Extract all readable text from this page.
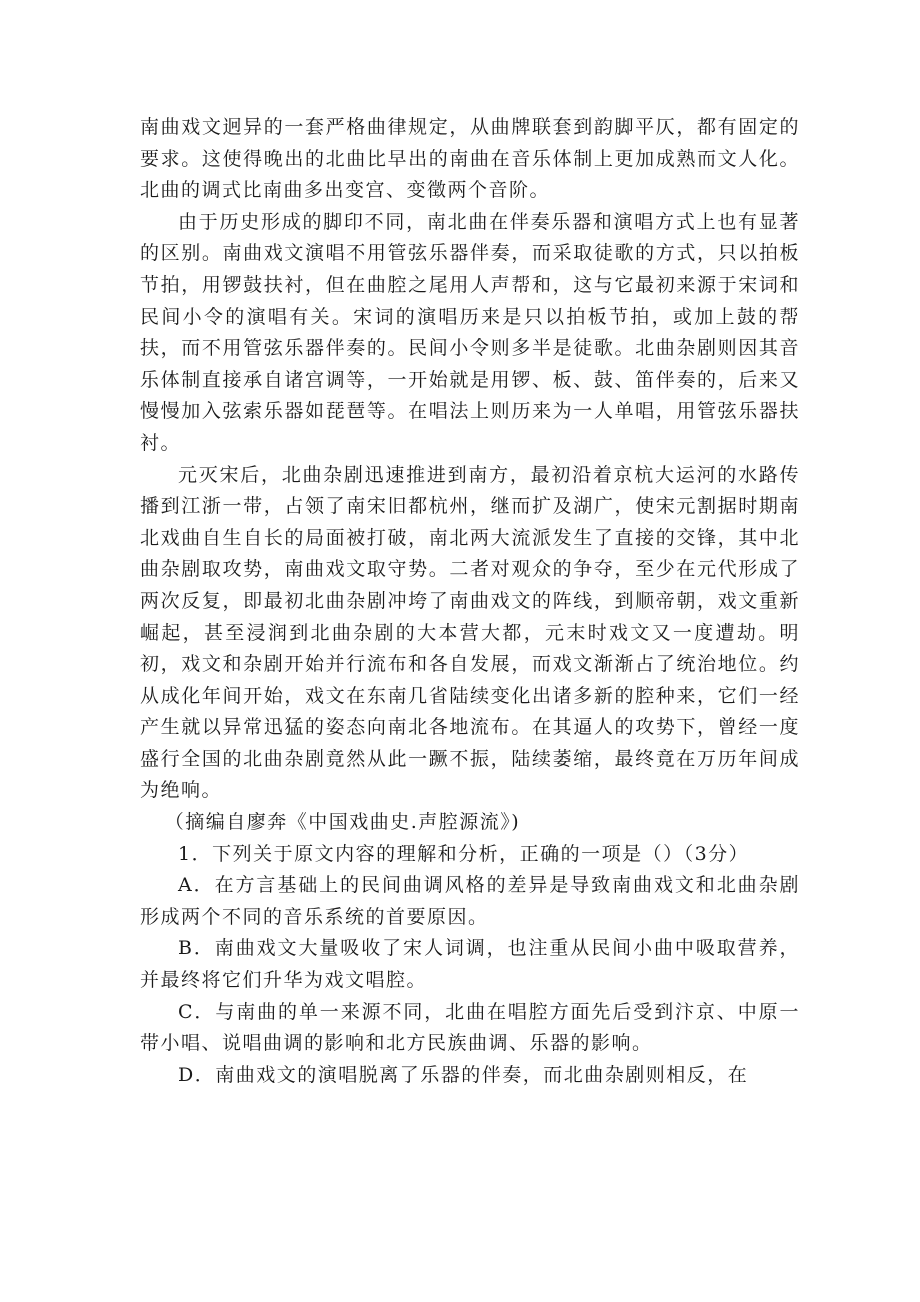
南曲戏文迥异的一套严格曲律规定，从曲牌联套到韵脚平仄，都有固定的要求。这使得晚出的北曲比早出的南曲在音乐体制上更加成熟而文人化。北曲的调式比南曲多出变宫、变徵两个音阶。

由于历史形成的脚印不同，南北曲在伴奏乐器和演唱方式上也有显著的区别。南曲戏文演唱不用管弦乐器伴奏，而采取徒歌的方式，只以拍板节拍，用锣鼓扶衬，但在曲腔之尾用人声帮和，这与它最初来源于宋词和民间小令的演唱有关。宋词的演唱历来是只以拍板节拍，或加上鼓的帮扶，而不用管弦乐器伴奏的。民间小令则多半是徒歌。北曲杂剧则因其音乐体制直接承自诸宫调等，一开始就是用锣、板、鼓、笛伴奏的，后来又慢慢加入弦索乐器如琵琶等。在唱法上则历来为一人单唱，用管弦乐器扶衬。

元灭宋后，北曲杂剧迅速推进到南方，最初沿着京杭大运河的水路传播到江浙一带，占领了南宋旧都杭州，继而扩及湖广，使宋元割据时期南北戏曲自生自长的局面被打破，南北两大流派发生了直接的交锋，其中北曲杂剧取攻势，南曲戏文取守势。二者对观众的争夺，至少在元代形成了两次反复，即最初北曲杂剧冲垮了南曲戏文的阵线，到顺帝朝，戏文重新崛起，甚至浸润到北曲杂剧的大本营大都，元末时戏文又一度遭劫。明初，戏文和杂剧开始并行流布和各自发展，而戏文渐渐占了统治地位。约从成化年间开始，戏文在东南几省陆续变化出诸多新的腔种来，它们一经产生就以异常迅猛的姿态向南北各地流布。在其逼人的攻势下，曾经一度盛行全国的北曲杂剧竟然从此一蹶不振，陆续萎缩，最终竟在万历年间成为绝响。

（摘编自廖奔《中国戏曲史.声腔源流》)

1．下列关于原文内容的理解和分析，正确的一项是（）（3分）

A．在方言基础上的民间曲调风格的差异是导致南曲戏文和北曲杂剧形成两个不同的音乐系统的首要原因。

B．南曲戏文大量吸收了宋人词调，也注重从民间小曲中吸取营养，并最终将它们升华为戏文唱腔。

C．与南曲的单一来源不同，北曲在唱腔方面先后受到汴京、中原一带小唱、说唱曲调的影响和北方民族曲调、乐器的影响。

D．南曲戏文的演唱脱离了乐器的伴奏，而北曲杂剧则相反，在
